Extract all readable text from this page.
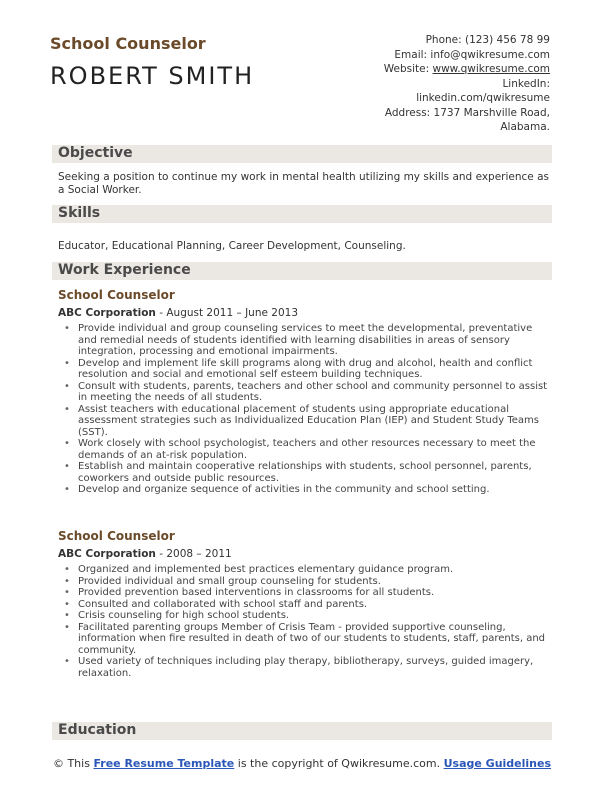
School Counselor
ROBERT SMITH
Phone: (123) 456 78 99
Email: info@qwikresume.com
Website: www.qwikresume.com
LinkedIn:
linkedin.com/qwikresume
Address: 1737 Marshville Road,
Alabama.
Objective
Seeking a position to continue my work in mental health utilizing my skills and experience as a Social Worker.
Skills
Educator, Educational Planning, Career Development, Counseling.
Work Experience
School Counselor
ABC Corporation - August 2011 – June 2013
• Provide individual and group counseling services to meet the developmental, preventative and remedial needs of students identified with learning disabilities in areas of sensory integration, processing and emotional impairments.
• Develop and implement life skill programs along with drug and alcohol, health and conflict resolution and social and emotional self esteem building techniques.
• Consult with students, parents, teachers and other school and community personnel to assist in meeting the needs of all students.
• Assist teachers with educational placement of students using appropriate educational assessment strategies such as Individualized Education Plan (IEP) and Student Study Teams (SST).
• Work closely with school psychologist, teachers and other resources necessary to meet the demands of an at-risk population.
• Establish and maintain cooperative relationships with students, school personnel, parents, coworkers and outside public resources.
• Develop and organize sequence of activities in the community and school setting.
School Counselor
ABC Corporation - 2008 – 2011
• Organized and implemented best practices elementary guidance program.
• Provided individual and small group counseling for students.
• Provided prevention based interventions in classrooms for all students.
• Consulted and collaborated with school staff and parents.
• Crisis counseling for high school students.
• Facilitated parenting groups Member of Crisis Team - provided supportive counseling, information when fire resulted in death of two of our students to students, staff, parents, and community.
• Used variety of techniques including play therapy, bibliotherapy, surveys, guided imagery, relaxation.
Education
© This Free Resume Template is the copyright of Qwikresume.com. Usage Guidelines
